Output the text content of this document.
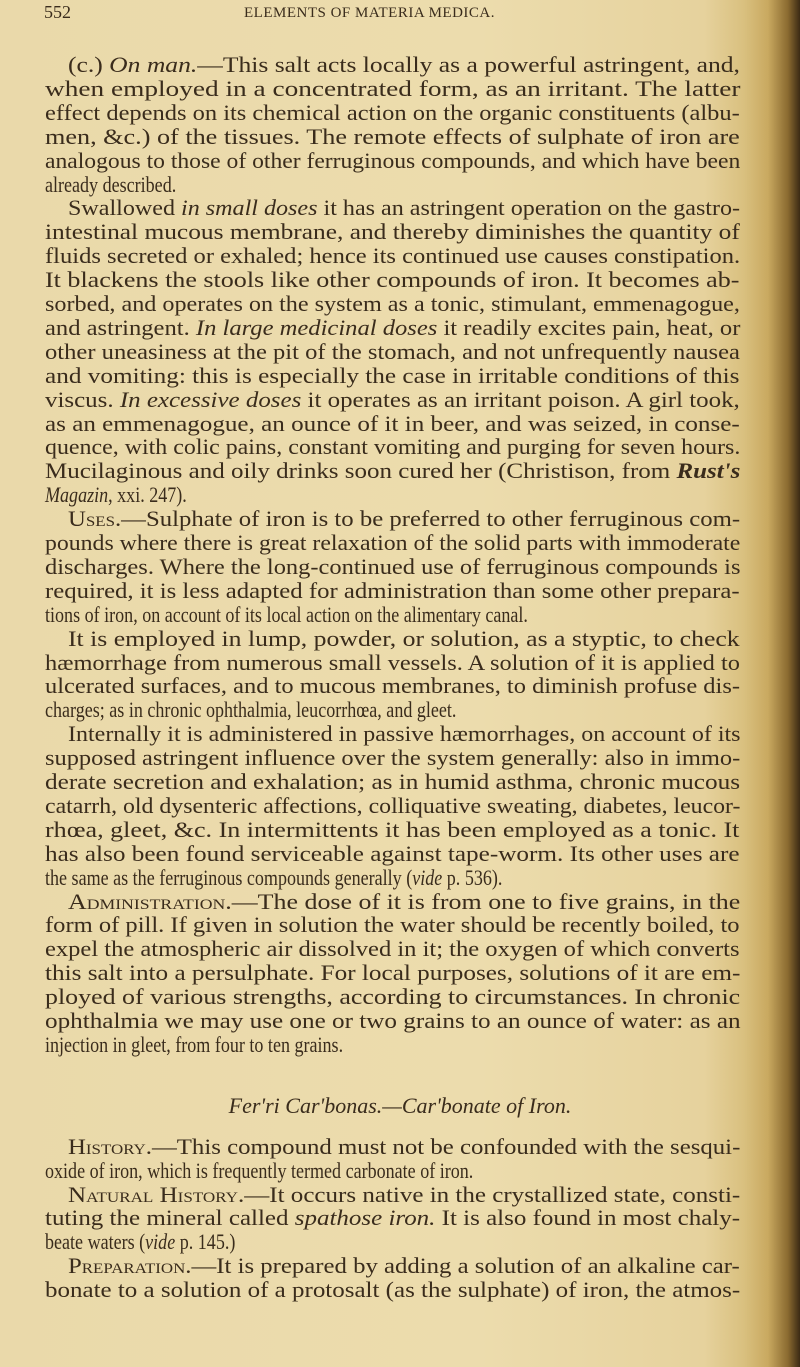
552	ELEMENTS OF MATERIA MEDICA.
(c.) On man.—This salt acts locally as a powerful astringent, and,
when employed in a concentrated form, as an irritant. The latter
effect depends on its chemical action on the organic constituents (albu-
men, &c.) of the tissues. The remote effects of sulphate of iron are
analogous to those of other ferruginous compounds, and which have been
already described.
Swallowed in small doses it has an astringent operation on the gastro-
intestinal mucous membrane, and thereby diminishes the quantity of
fluids secreted or exhaled; hence its continued use causes constipation.
It blackens the stools like other compounds of iron. It becomes ab-
sorbed, and operates on the system as a tonic, stimulant, emmenagogue,
and astringent. In large medicinal doses it readily excites pain, heat, or
other uneasiness at the pit of the stomach, and not unfrequently nausea
and vomiting: this is especially the case in irritable conditions of this
viscus. In excessive doses it operates as an irritant poison. A girl took,
as an emmenagogue, an ounce of it in beer, and was seized, in conse-
quence, with colic pains, constant vomiting and purging for seven hours.
Mucilaginous and oily drinks soon cured her (Christison, from Rust's
Magazin, xxi. 247).
Uses.—Sulphate of iron is to be preferred to other ferruginous com-
pounds where there is great relaxation of the solid parts with immoderate
discharges. Where the long-continued use of ferruginous compounds is
required, it is less adapted for administration than some other prepara-
tions of iron, on account of its local action on the alimentary canal.
It is employed in lump, powder, or solution, as a styptic, to check
hæmorrhage from numerous small vessels. A solution of it is applied to
ulcerated surfaces, and to mucous membranes, to diminish profuse dis-
charges; as in chronic ophthalmia, leucorrhœa, and gleet.
Internally it is administered in passive hæmorrhages, on account of its
supposed astringent influence over the system generally: also in immo-
derate secretion and exhalation; as in humid asthma, chronic mucous
catarrh, old dysenteric affections, colliquative sweating, diabetes, leucor-
rhœa, gleet, &c. In intermittents it has been employed as a tonic. It
has also been found serviceable against tape-worm. Its other uses are
the same as the ferruginous compounds generally (vide p. 536).
Administration.—The dose of it is from one to five grains, in the
form of pill. If given in solution the water should be recently boiled, to
expel the atmospheric air dissolved in it; the oxygen of which converts
this salt into a persulphate. For local purposes, solutions of it are em-
ployed of various strengths, according to circumstances. In chronic
ophthalmia we may use one or two grains to an ounce of water: as an
injection in gleet, from four to ten grains.
History.—This compound must not be confounded with the sesqui-
oxide of iron, which is frequently termed carbonate of iron.
Natural History.—It occurs native in the crystallized state, consti-
tuting the mineral called spathose iron. It is also found in most chaly-
beate waters (vide p. 145.)
Preparation.—It is prepared by adding a solution of an alkaline car-
bonate to a solution of a protosalt (as the sulphate) of iron, the atmos-
Fer'ri Car'bonas.—Car'bonate of Iron.
